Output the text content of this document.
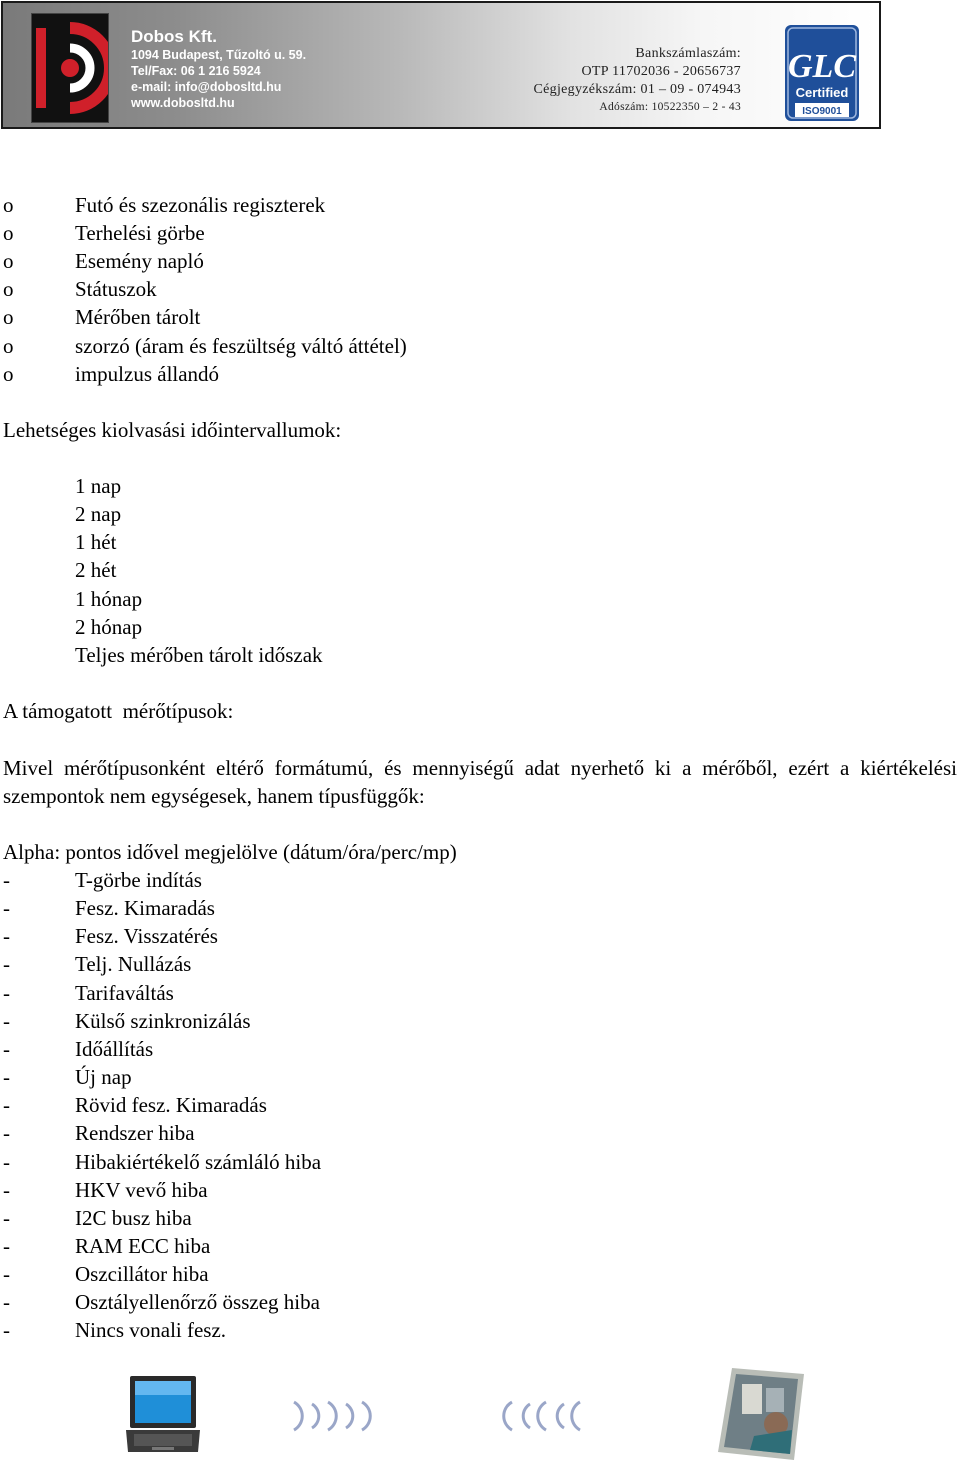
Dobos Kft.
1094 Budapest, Tűzoltó u. 59.
Tel/Fax: 06 1 216 5924
e-mail: info@dobosltd.hu
www.dobosltd.hu
Bankszámlaszám:
OTP 11702036 - 20656737
Cégjegyzékszám: 01 – 09 - 074943
Adószám: 10522350 – 2 - 43
GLC
Certified
ISO9001
o	Futó és szezonális regiszterek
o	Terhelési görbe
o	Esemény napló
o	Státuszok
o	Mérőben tárolt
o	szorzó (áram és feszültség váltó áttétel)
o	impulzus állandó
Lehetséges kiolvasási időintervallumok:
1 nap
2 nap
1 hét
2 hét
1 hónap
2 hónap
Teljes mérőben tárolt időszak
A támogatott  mérőtípusok:
Mivel mérőtípusonként eltérő formátumú, és mennyiségű adat nyerhető ki a mérőből, ezért a kiértékelési szempontok nem egységesek, hanem típusfüggők:
Alpha: pontos idővel megjelölve (dátum/óra/perc/mp)
-	T-görbe indítás
-	Fesz. Kimaradás
-	Fesz. Visszatérés
-	Telj. Nullázás
-	Tarifaváltás
-	Külső szinkronizálás
-	Időállítás
-	Új nap
-	Rövid fesz. Kimaradás
-	Rendszer hiba
-	Hibakiértékelő számláló hiba
-	HKV vevő hiba
-	I2C busz hiba
-	RAM ECC hiba
-	Oszcillátor hiba
-	Osztályellenőrző összeg hiba
-	Nincs vonali fesz.
